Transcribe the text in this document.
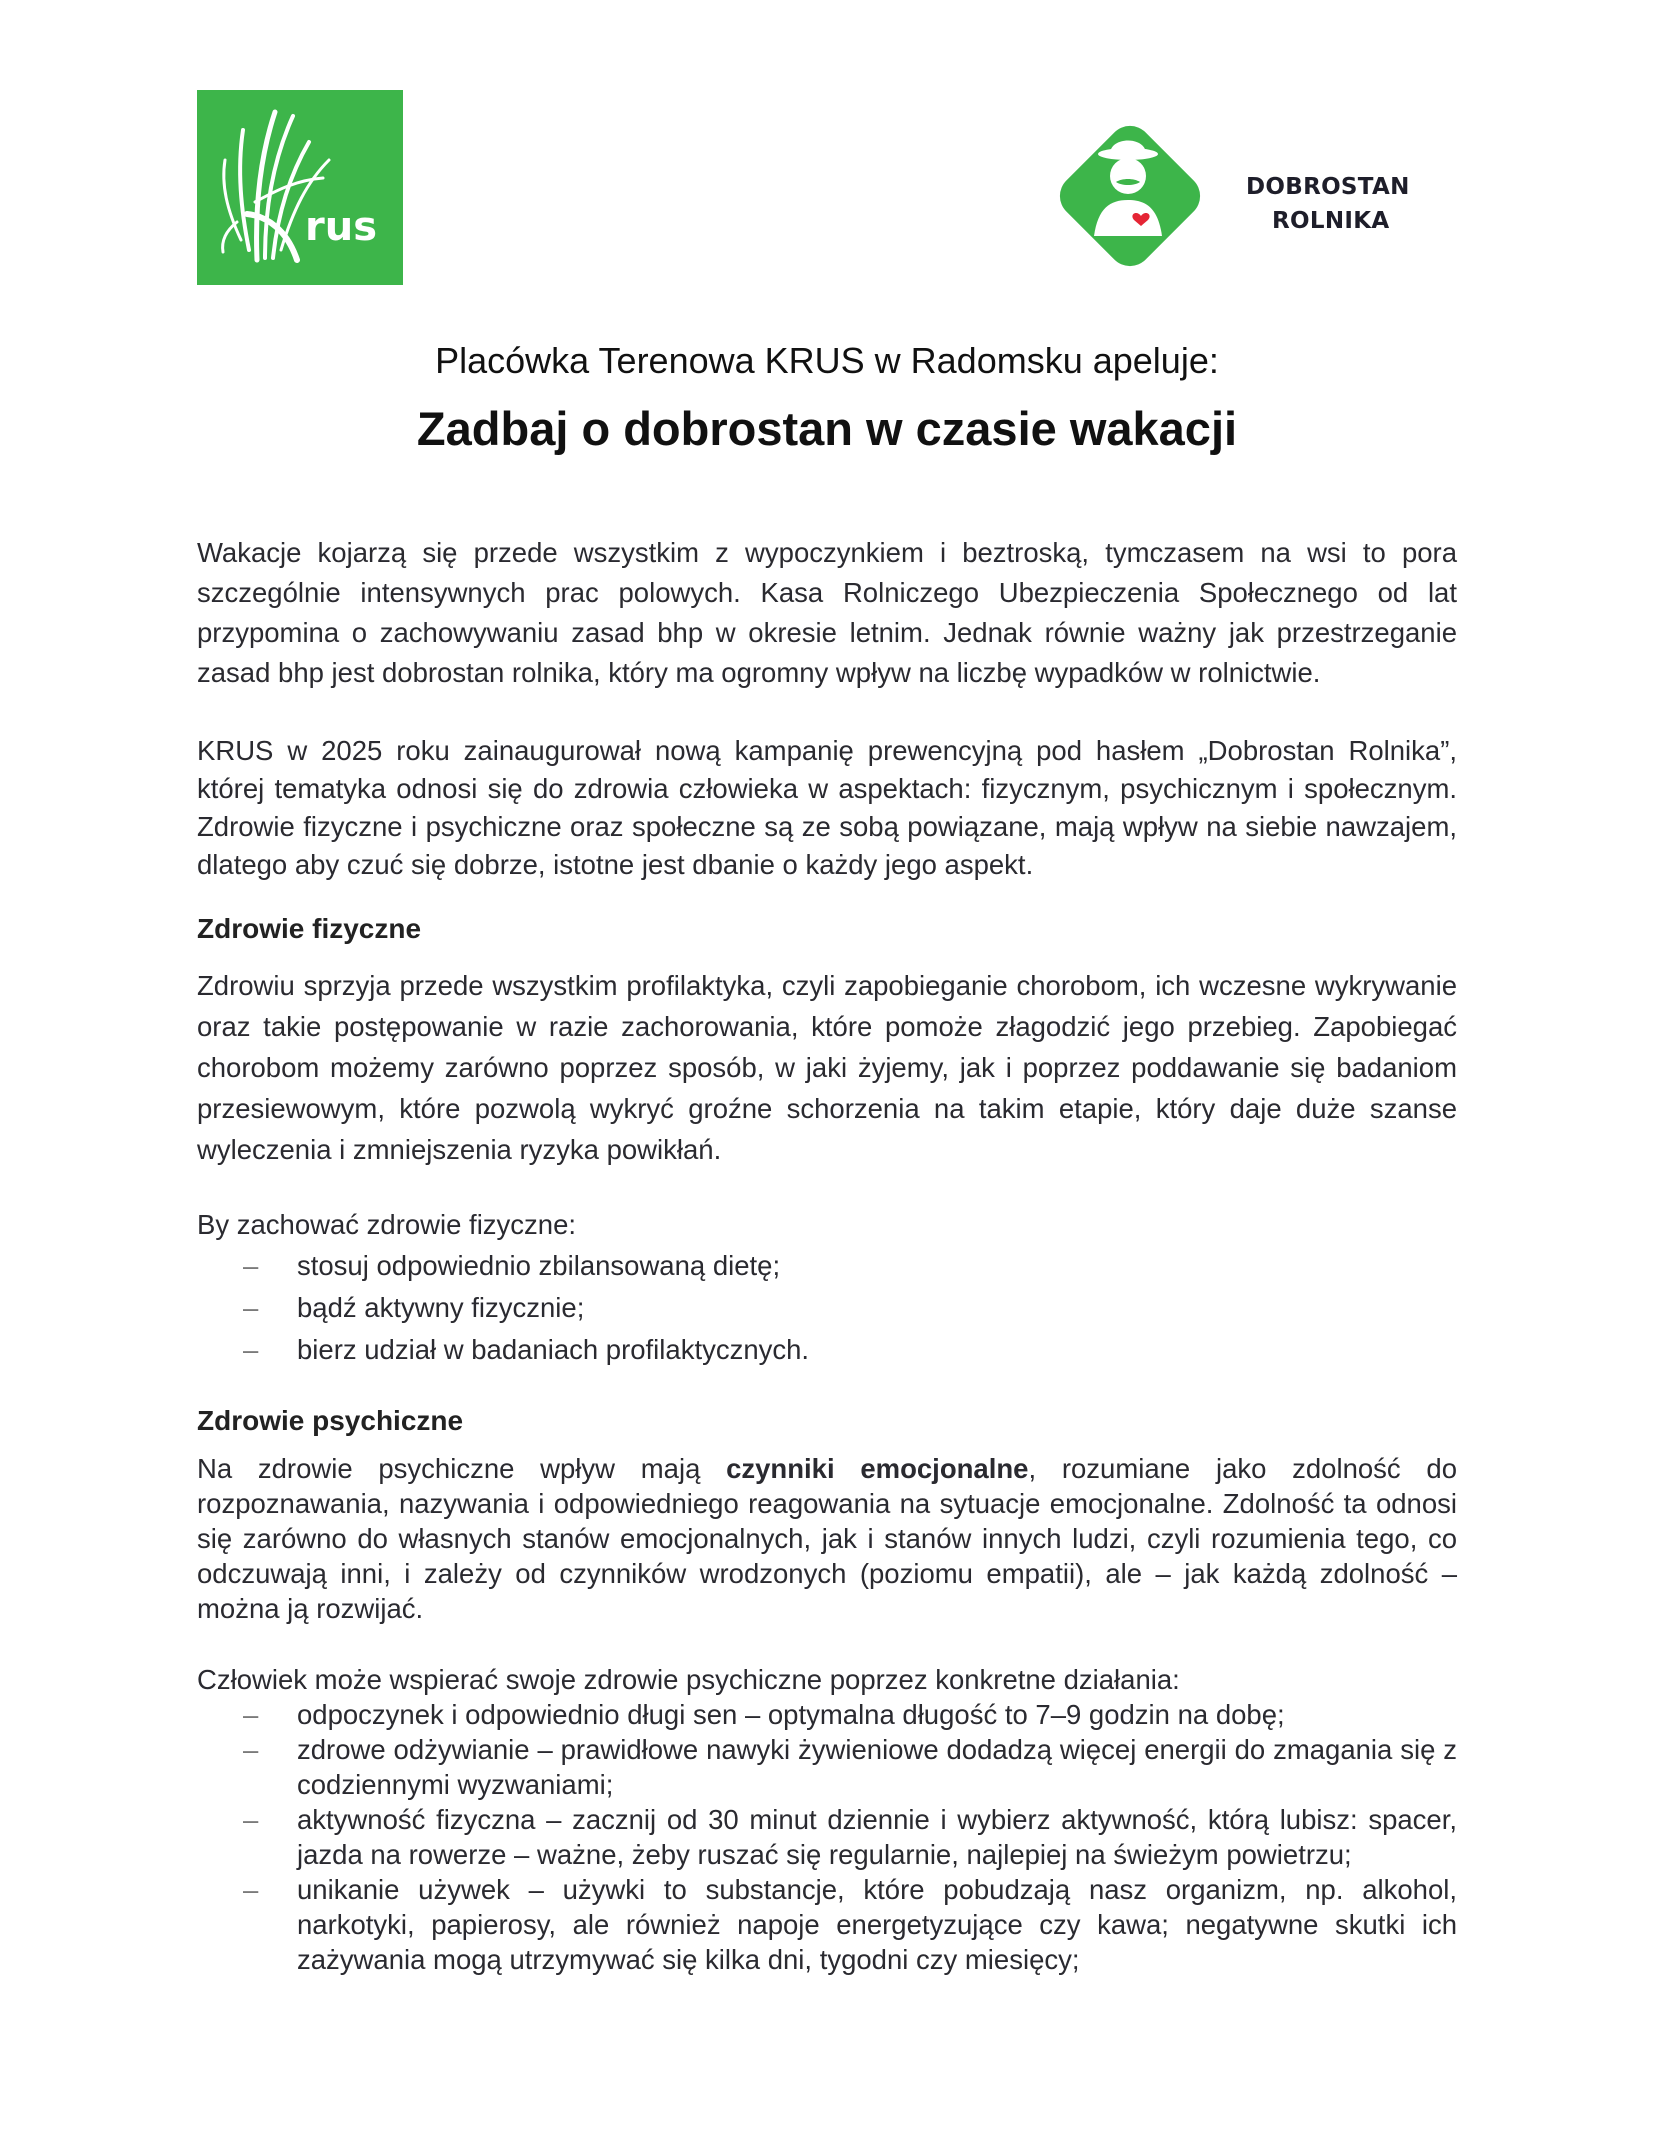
rus
DOBROSTAN
ROLNIKA
Placówka Terenowa KRUS w Radomsku apeluje:
Zadbaj o dobrostan w czasie wakacji

Wakacje kojarzą się przede wszystkim z wypoczynkiem i beztroską, tymczasem na wsi to pora szczególnie intensywnych prac polowych. Kasa Rolniczego Ubezpieczenia Społecznego od lat przypomina o zachowywaniu zasad bhp w okresie letnim. Jednak równie ważny jak przestrzeganie zasad bhp jest dobrostan rolnika, który ma ogromny wpływ na liczbę wypadków w rolnictwie.

KRUS w 2025 roku zainaugurował nową kampanię prewencyjną pod hasłem „Dobrostan Rolnika”, której tematyka odnosi się do zdrowia człowieka w aspektach: fizycznym, psychicznym i społecznym. Zdrowie fizyczne i psychiczne oraz społeczne są ze sobą powiązane, mają wpływ na siebie nawzajem, dlatego aby czuć się dobrze, istotne jest dbanie o każdy jego aspekt.

Zdrowie fizyczne

Zdrowiu sprzyja przede wszystkim profilaktyka, czyli zapobieganie chorobom, ich wczesne wykrywanie oraz takie postępowanie w razie zachorowania, które pomoże złagodzić jego przebieg. Zapobiegać chorobom możemy zarówno poprzez sposób, w jaki żyjemy, jak i poprzez poddawanie się badaniom przesiewowym, które pozwolą wykryć groźne schorzenia na takim etapie, który daje duże szanse wyleczenia i zmniejszenia ryzyka powikłań.

By zachować zdrowie fizyczne:

– stosuj odpowiednio zbilansowaną dietę;
– bądź aktywny fizycznie;
– bierz udział w badaniach profilaktycznych.
Zdrowie psychiczne

Na zdrowie psychiczne wpływ mają czynniki emocjonalne, rozumiane jako zdolność do rozpoznawania, nazywania i odpowiedniego reagowania na sytuacje emocjonalne. Zdolność ta odnosi się zarówno do własnych stanów emocjonalnych, jak i stanów innych ludzi, czyli rozumienia tego, co odczuwają inni, i zależy od czynników wrodzonych (poziomu empatii), ale – jak każdą zdolność – można ją rozwijać.

Człowiek może wspierać swoje zdrowie psychiczne poprzez konkretne działania:

– odpoczynek i odpowiednio długi sen – optymalna długość to 7–9 godzin na dobę;
– zdrowe odżywianie – prawidłowe nawyki żywieniowe dodadzą więcej energii do zmagania się z codziennymi wyzwaniami;
– aktywność fizyczna – zacznij od 30 minut dziennie i wybierz aktywność, którą lubisz: spacer, jazda na rowerze – ważne, żeby ruszać się regularnie, najlepiej na świeżym powietrzu;
– unikanie używek – używki to substancje, które pobudzają nasz organizm, np. alkohol, narkotyki, papierosy, ale również napoje energetyzujące czy kawa; negatywne skutki ich zażywania mogą utrzymywać się kilka dni, tygodni czy miesięcy;
